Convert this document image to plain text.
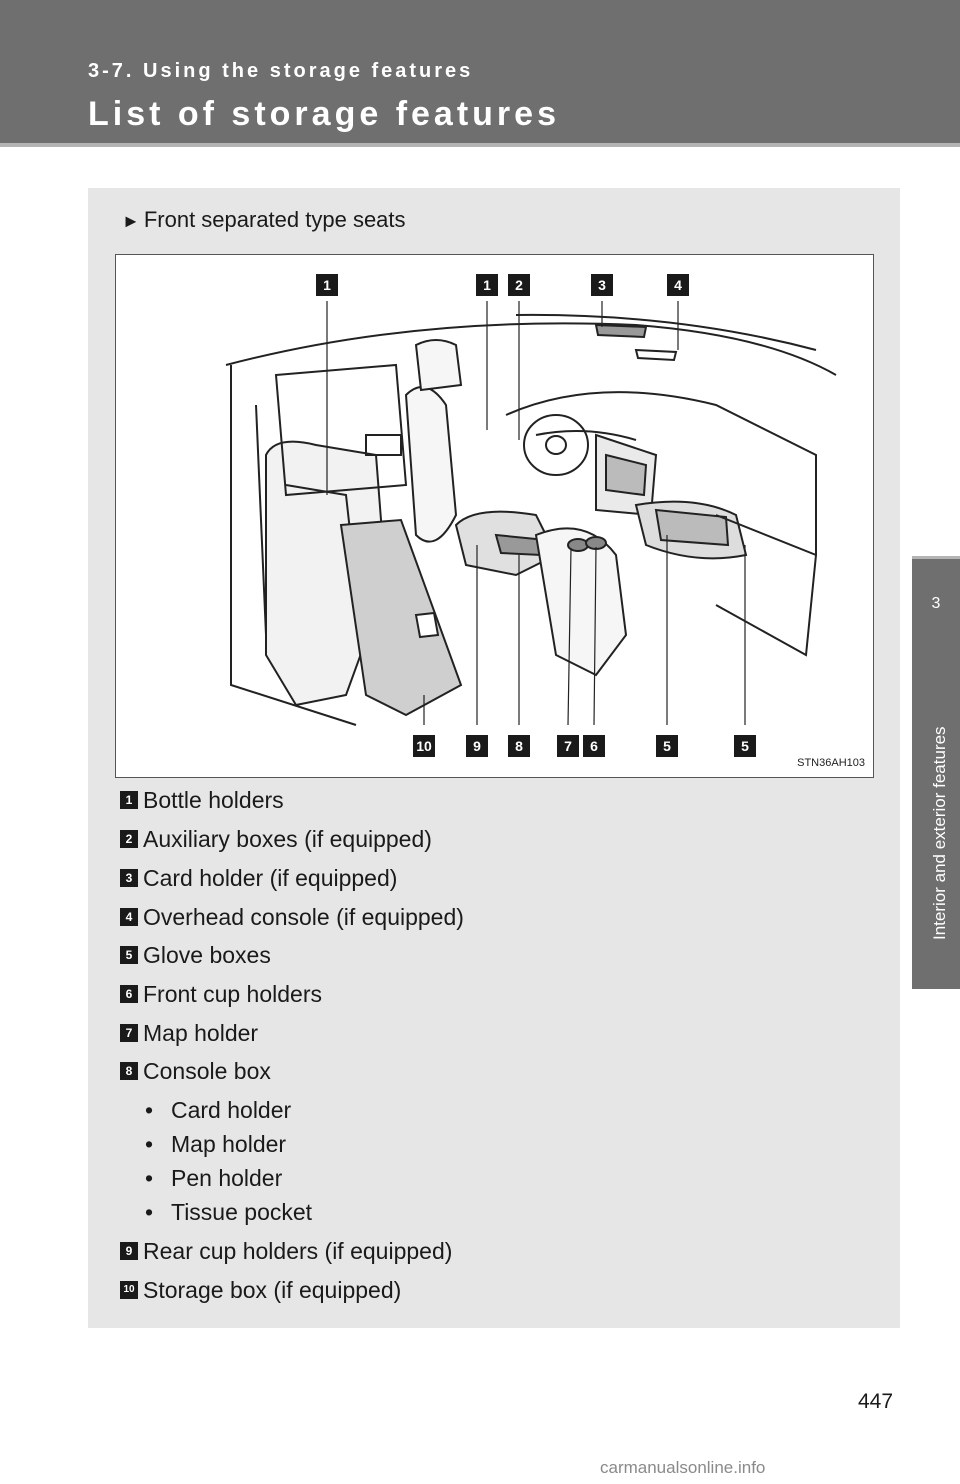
3-7. Using the storage features
List of storage features
3
Interior and exterior features
► Front separated type seats
1	1	2	3	4
10	9	8	7	6	5	5
STN36AH103
1 Bottle holders
2 Auxiliary boxes (if equipped)
3 Card holder (if equipped)
4 Overhead console (if equipped)
5 Glove boxes
6 Front cup holders
7 Map holder
8 Console box
• Card holder
• Map holder
• Pen holder
• Tissue pocket
9 Rear cup holders (if equipped)
10 Storage box (if equipped)
447
carmanualsonline.info
